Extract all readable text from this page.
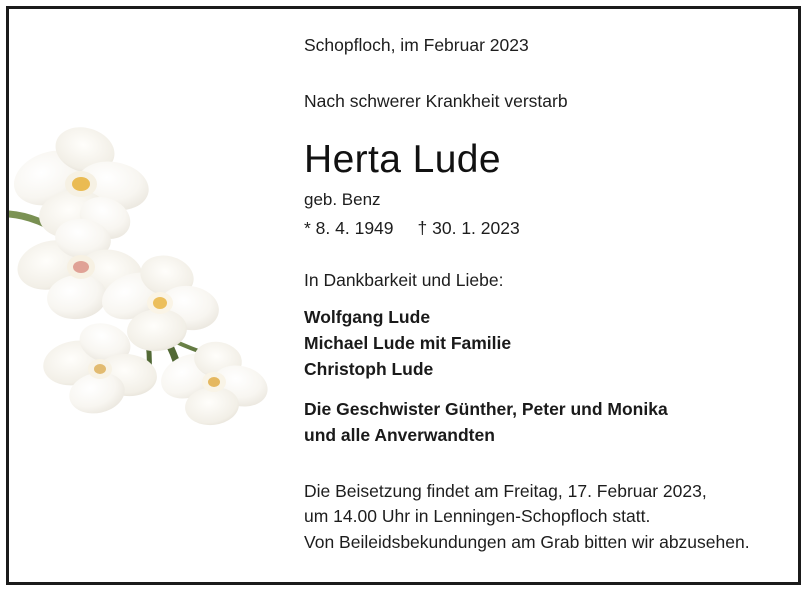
Schopfloch, im Februar 2023
Nach schwerer Krankheit verstarb
Herta Lude
geb. Benz
* 8. 4. 1949 † 30. 1. 2023
In Dankbarkeit und Liebe:
Wolfgang Lude
Michael Lude mit Familie
Christoph Lude
Die Geschwister Günther, Peter und Monika
und alle Anverwandten
Die Beisetzung findet am Freitag, 17. Februar 2023,
um 14.00 Uhr in Lenningen-Schopfloch statt.
Von Beileidsbekundungen am Grab bitten wir abzusehen.
